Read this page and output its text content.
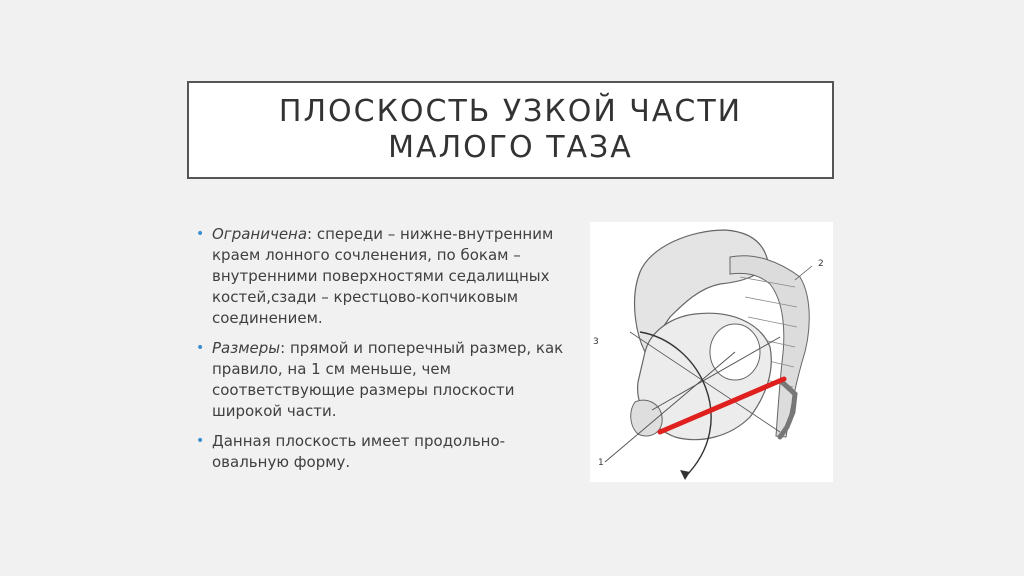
ПЛОСКОСТЬ УЗКОЙ ЧАСТИ МАЛОГО ТАЗА
• Ограничена: спереди – нижне-внутренним краем лонного сочленения, по бокам – внутренними поверхностями седалищных костей,сзади – крестцово-копчиковым соединением.
• Размеры: прямой и поперечный размер, как правило, на 1 см меньше, чем соответствующие размеры плоскости широкой части.
• Данная плоскость имеет продольно-овальную форму.
2
3
1
